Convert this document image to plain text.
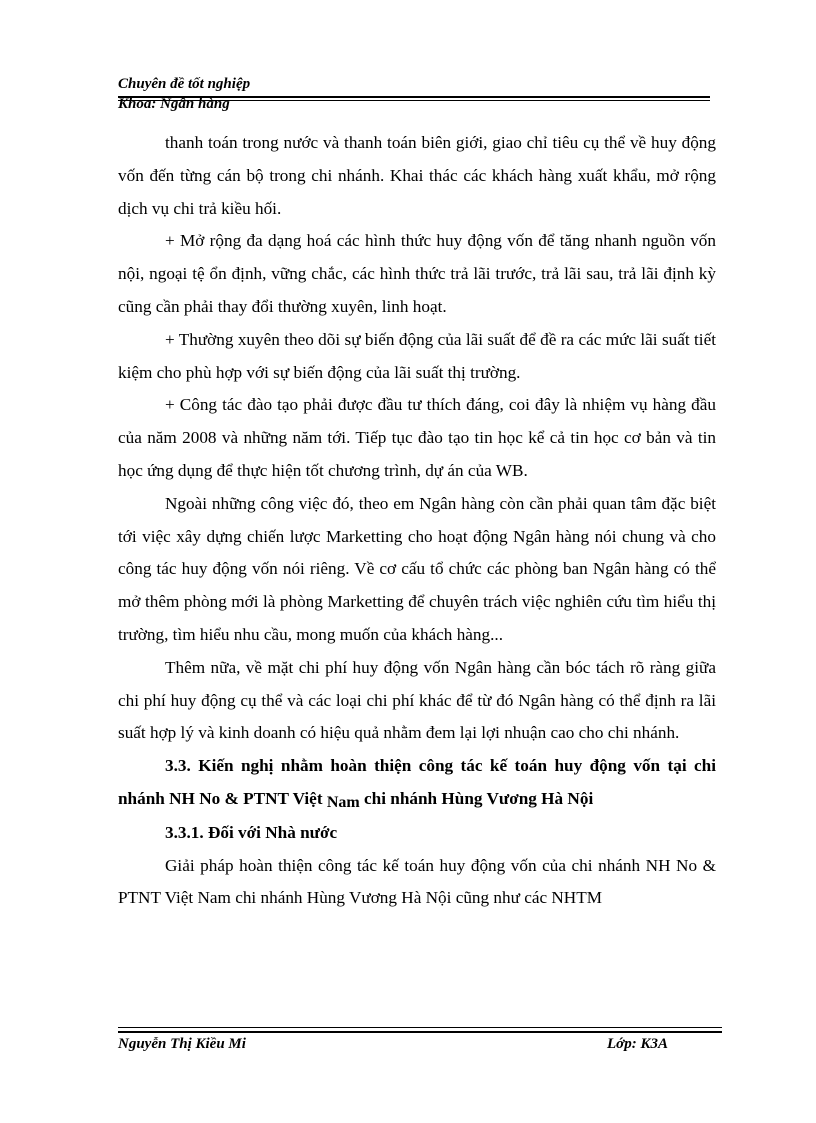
Chuyên đề tốt nghiệp
Khoa: Ngân hàng

thanh toán trong nước và thanh toán biên giới, giao chỉ tiêu cụ thể về huy động vốn đến từng cán bộ trong chi nhánh. Khai thác các khách hàng xuất khẩu, mở rộng dịch vụ chi trả kiều hối.

+ Mở rộng đa dạng hoá các hình thức huy động vốn để tăng nhanh nguồn vốn nội, ngoại tệ ổn định, vững chắc, các hình thức trả lãi trước, trả lãi sau, trả lãi định kỳ cũng cần phải thay đổi thường xuyên, linh hoạt.

+ Thường xuyên theo dõi sự biến động của lãi suất để đề ra các mức lãi suất tiết kiệm cho phù hợp với sự biến động của lãi suất thị trường.

+ Công tác đào tạo phải được đầu tư thích đáng, coi đây là nhiệm vụ hàng đầu của năm 2008 và những năm tới. Tiếp tục đào tạo tin học kể cả tin học cơ bản và tin học ứng dụng để thực hiện tốt chương trình, dự án của WB.

Ngoài những công việc đó, theo em Ngân hàng còn cần phải quan tâm đặc biệt tới việc xây dựng chiến lược Marketting cho hoạt động Ngân hàng nói chung và cho công tác huy động vốn nói riêng. Về cơ cấu tổ chức các phòng ban Ngân hàng có thể mở thêm phòng mới là phòng Marketting để chuyên trách việc nghiên cứu tìm hiểu thị trường, tìm hiểu nhu cầu, mong muốn của khách hàng...

Thêm nữa, về mặt chi phí huy động vốn Ngân hàng cần bóc tách rõ ràng giữa chi phí huy động cụ thể và các loại chi phí khác để từ đó Ngân hàng có thể định ra lãi suất hợp lý và kinh doanh có hiệu quả nhằm đem lại lợi nhuận cao cho chi nhánh.

3.3. Kiến nghị nhằm hoàn thiện công tác kế toán huy động vốn tại chi nhánh NH No & PTNT Việt Nam chi nhánh Hùng Vương Hà Nội

3.3.1. Đối với Nhà nước

Giải pháp hoàn thiện công tác kế toán huy động vốn của chi nhánh NH No & PTNT Việt Nam chi nhánh Hùng Vương Hà Nội cũng như các NHTM

Nguyễn Thị Kiều Mi	Lớp: K3A
